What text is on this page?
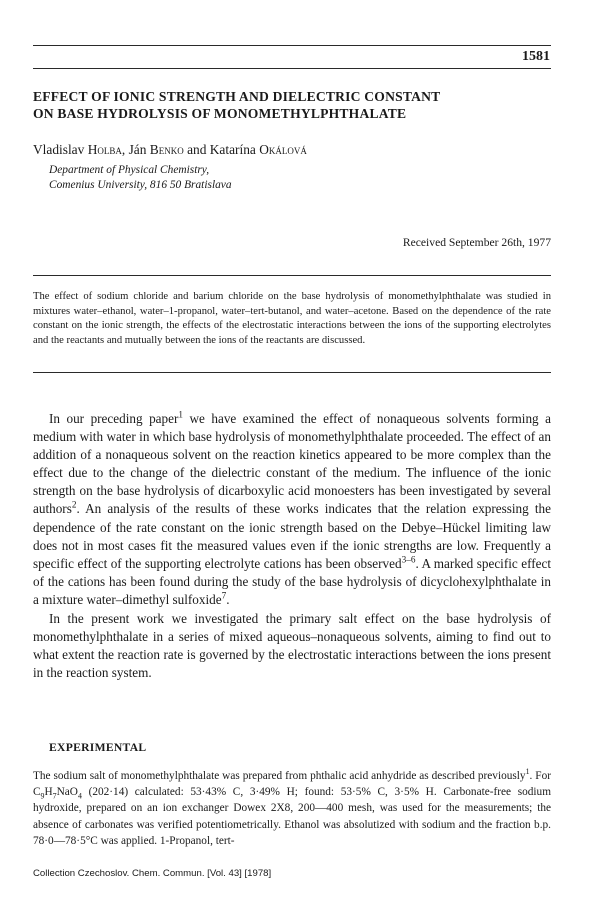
1581
EFFECT OF IONIC STRENGTH AND DIELECTRIC CONSTANT
ON BASE HYDROLYSIS OF MONOMETHYLPHTHALATE
Vladislav Holba, Ján Benko and Katarína Okálová
Department of Physical Chemistry,
Comenius University, 816 50 Bratislava
Received September 26th, 1977
The effect of sodium chloride and barium chloride on the base hydrolysis of monomethylphthalate was studied in mixtures water–ethanol, water–1-propanol, water–tert-butanol, and water–acetone. Based on the dependence of the rate constant on the ionic strength, the effects of the electrostatic interactions between the ions of the supporting electrolytes and the reactants and mutually between the ions of the reactants are discussed.

In our preceding paper$^1$ we have examined the effect of nonaqueous solvents forming a medium with water in which base hydrolysis of monomethylphthalate proceeded. The effect of an addition of a nonaqueous solvent on the reaction kinetics appeared to be more complex than the effect due to the change of the dielectric constant of the medium. The influence of the ionic strength on the base hydrolysis of dicarboxylic acid monoesters has been investigated by several authors$^2$. An analysis of the results of these works indicates that the relation expressing the dependence of the rate constant on the ionic strength based on the Debye–Hückel limiting law does not in most cases fit the measured values even if the ionic strengths are low. Frequently a specific effect of the supporting electrolyte cations has been observed$^{3-6}$. A marked specific effect of the cations has been found during the study of the base hydrolysis of dicyclohexylphthalate in a mixture water–dimethyl sulfoxide$^7$.

In the present work we investigated the primary salt effect on the base hydrolysis of monomethylphthalate in a series of mixed aqueous–nonaqueous solvents, aiming to find out to what extent the reaction rate is governed by the electrostatic interactions between the ions present in the reaction system.

EXPERIMENTAL

The sodium salt of monomethylphthalate was prepared from phthalic acid anhydride as described previously$^1$. For $C_9H_7NaO_4$ (202·14) calculated: 53·43% C, 3·49% H; found: 53·5% C, 3·5% H. Carbonate-free sodium hydroxide, prepared on an ion exchanger Dowex 2X8, 200—400 mesh, was used for the measurements; the absence of carbonates was verified potentiometrically. Ethanol was absolutized with sodium and the fraction b.p. 78·0—78·5°C was applied. 1-Propanol, tert-

Collection Czechoslov. Chem. Commun. [Vol. 43] [1978]
